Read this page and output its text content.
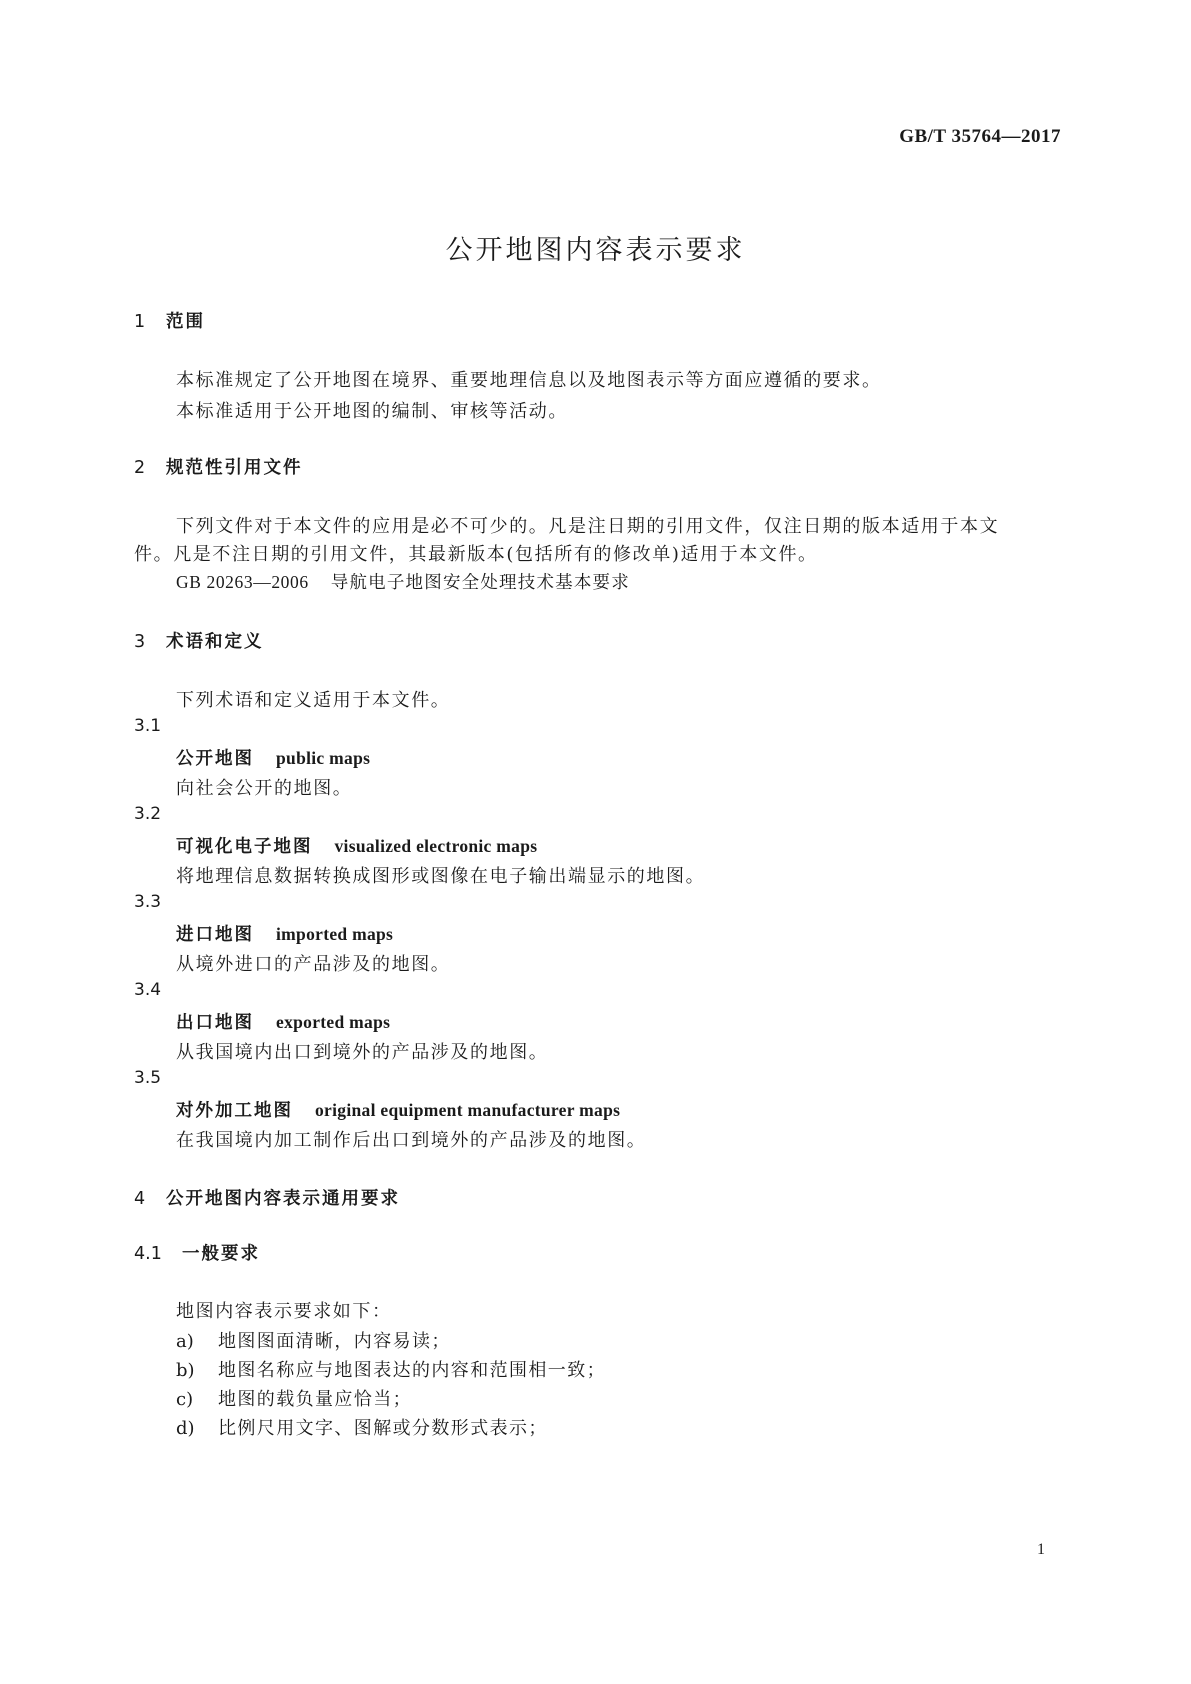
GB/T 35764—2017
公开地图内容表示要求
1 范围
本标准规定了公开地图在境界、重要地理信息以及地图表示等方面应遵循的要求。
本标准适用于公开地图的编制、审核等活动。
2 规范性引用文件
下列文件对于本文件的应用是必不可少的。凡是注日期的引用文件，仅注日期的版本适用于本文
件。凡是不注日期的引用文件，其最新版本(包括所有的修改单)适用于本文件。
GB 20263—2006 导航电子地图安全处理技术基本要求
3 术语和定义
下列术语和定义适用于本文件。
3.1
公开地图 public maps
向社会公开的地图。
3.2
可视化电子地图 visualized electronic maps
将地理信息数据转换成图形或图像在电子输出端显示的地图。
3.3
进口地图 imported maps
从境外进口的产品涉及的地图。
3.4
出口地图 exported maps
从我国境内出口到境外的产品涉及的地图。
3.5
对外加工地图 original equipment manufacturer maps
在我国境内加工制作后出口到境外的产品涉及的地图。
4 公开地图内容表示通用要求
4.1 一般要求
地图内容表示要求如下：
a) 地图图面清晰，内容易读；
b) 地图名称应与地图表达的内容和范围相一致；
c) 地图的载负量应恰当；
d) 比例尺用文字、图解或分数形式表示；
1
